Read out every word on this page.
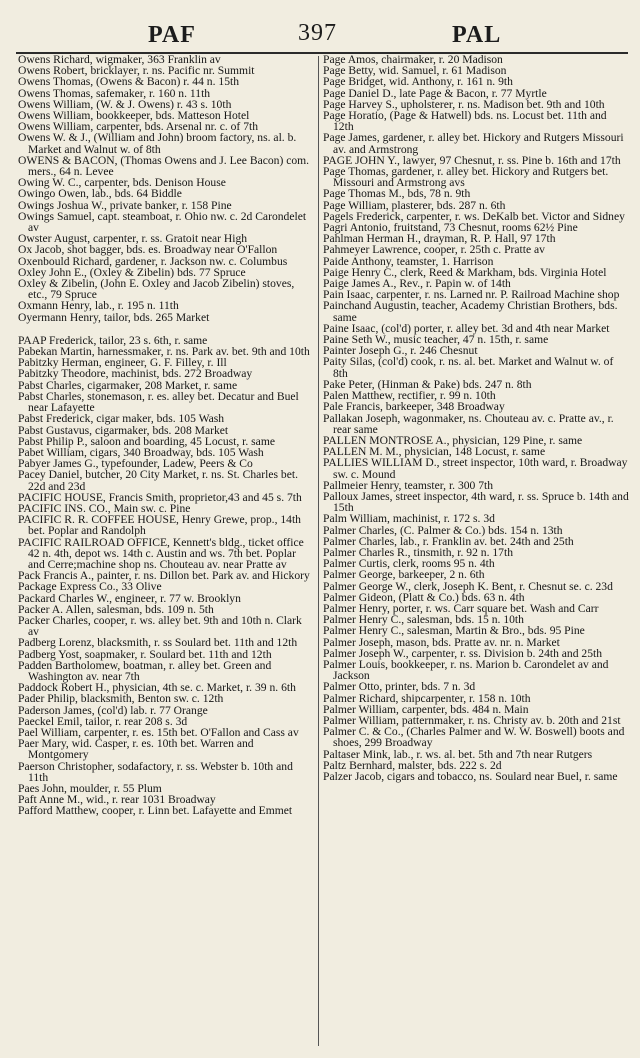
PAF	397	PAL

Owens Richard, wigmaker, 363 Franklin av

Owens Robert, bricklayer, r. ns. Pacific nr. Summit

Owens Thomas, (Owens & Bacon) r. 44 n. 15th

Owens Thomas, safemaker, r. 160 n. 11th

Owens William, (W. & J. Owens) r. 43 s. 10th

Owens William, bookkeeper, bds. Matteson Hotel

Owens William, carpenter, bds. Arsenal nr. c. of 7th

Owens W. & J., (William and John) broom factory, ns. al. b. Market and Walnut w. of 8th

OWENS & BACON, (Thomas Owens and J. Lee Bacon) com. mers., 64 n. Levee

Owing W. C., carpenter, bds. Denison House

Owingo Owen, lab., bds. 64 Biddle

Owings Joshua W., private banker, r. 158 Pine

Owings Samuel, capt. steamboat, r. Ohio nw. c. 2d Carondelet av

Owster August, carpenter, r. ss. Gratoit near High

Ox Jacob, shot bagger, bds. es. Broadway near O'Fallon

Oxenbould Richard, gardener, r. Jackson nw. c. Columbus

Oxley John E., (Oxley & Zibelin) bds. 77 Spruce

Oxley & Zibelin, (John E. Oxley and Jacob Zibelin) stoves, etc., 79 Spruce

Oxmann Henry, lab., r. 195 n. 11th

Oyermann Henry, tailor, bds. 265 Market

PAAP Frederick, tailor, 23 s. 6th, r. same

Pabekan Martin, harnessmaker, r. ns. Park av. bet. 9th and 10th

Pabitzky Herman, engineer, G. F. Filley, r. Ill

Pabitzky Theodore, machinist, bds. 272 Broadway

Pabst Charles, cigarmaker, 208 Market, r. same

Pabst Charles, stonemason, r. es. alley bet. Decatur and Buel near Lafayette

Pabst Frederick, cigar maker, bds. 105 Wash

Pabst Gustavus, cigarmaker, bds. 208 Market

Pabst Philip P., saloon and boarding, 45 Locust, r. same

Pabet William, cigars, 340 Broadway, bds. 105 Wash

Pabyer James G., typefounder, Ladew, Peers & Co

Pacey Daniel, butcher, 20 City Market, r. ns. St. Charles bet. 22d and 23d

PACIFIC HOUSE, Francis Smith, proprietor,43 and 45 s. 7th

PACIFIC INS. CO., Main sw. c. Pine

PACIFIC R. R. COFFEE HOUSE, Henry Grewe, prop., 14th bet. Poplar and Randolph

PACIFIC RAILROAD OFFICE, Kennett's bldg., ticket office 42 n. 4th, depot ws. 14th c. Austin and ws. 7th bet. Poplar and Cerre;machine shop ns. Chouteau av. near Pratte av

Pack Francis A., painter, r. ns. Dillon bet. Park av. and Hickory

Package Express Co., 33 Olive

Packard Charles W., engineer, r. 77 w. Brooklyn

Packer A. Allen, salesman, bds. 109 n. 5th

Packer Charles, cooper, r. ws. alley bet. 9th and 10th n. Clark av

Padberg Lorenz, blacksmith, r. ss Soulard bet. 11th and 12th

Padberg Yost, soapmaker, r. Soulard bet. 11th and 12th

Padden Bartholomew, boatman, r. alley bet. Green and Washington av. near 7th

Paddock Robert H., physician, 4th se. c. Market, r. 39 n. 6th

Pader Philip, blacksmith, Benton sw. c. 12th

Paderson James, (col'd) lab. r. 77 Orange

Paeckel Emil, tailor, r. rear 208 s. 3d

Pael William, carpenter, r. es. 15th bet. O'Fallon and Cass av

Paer Mary, wid. Casper, r. es. 10th bet. Warren and Montgomery

Paerson Christopher, sodafactory, r. ss. Webster b. 10th and 11th

Paes John, moulder, r. 55 Plum

Paft Anne M., wid., r. rear 1031 Broadway

Pafford Matthew, cooper, r. Linn bet. Lafayette and Emmet

Page Amos, chairmaker, r. 20 Madison

Page Betty, wid. Samuel, r. 61 Madison

Page Bridget, wid. Anthony, r. 161 n. 9th

Page Daniel D., late Page & Bacon, r. 77 Myrtle

Page Harvey S., upholsterer, r. ns. Madison bet. 9th and 10th

Page Horatio, (Page & Hatwell) bds. ns. Locust bet. 11th and 12th

Page James, gardener, r. alley bet. Hickory and Rutgers Missouri av. and Armstrong

PAGE JOHN Y., lawyer, 97 Chesnut, r. ss. Pine b. 16th and 17th

Page Thomas, gardener, r. alley bet. Hickory and Rutgers bet. Missouri and Armstrong avs

Page Thomas M., bds, 78 n. 9th

Page William, plasterer, bds. 287 n. 6th

Pagels Frederick, carpenter, r. ws. DeKalb bet. Victor and Sidney

Pagri Antonio, fruitstand, 73 Chesnut, rooms 62½ Pine

Pahlman Herman H., drayman, R. P. Hall, 97 17th

Pahmeyer Lawrence, cooper, r. 25th c. Pratte av

Paide Anthony, teamster, 1. Harrison

Paige Henry C., clerk, Reed & Markham, bds. Virginia Hotel

Paige James A., Rev., r. Papin w. of 14th

Pain Isaac, carpenter, r. ns. Larned nr. P. Railroad Machine shop

Painchand Augustin, teacher, Academy Christian Brothers, bds. same

Paine Isaac, (col'd) porter, r. alley bet. 3d and 4th near Market

Paine Seth W., music teacher, 47 n. 15th, r. same

Painter Joseph G., r. 246 Chesnut

Paity Silas, (col'd) cook, r. ns. al. bet. Market and Walnut w. of 8th

Pake Peter, (Hinman & Pake) bds. 247 n. 8th

Palen Matthew, rectifier, r. 99 n. 10th

Pale Francis, barkeeper, 348 Broadway

Pallakan Joseph, wagonmaker, ns. Chouteau av. c. Pratte av., r. rear same

PALLEN MONTROSE A., physician, 129 Pine, r. same

PALLEN M. M., physician, 148 Locust, r. same

PALLIES WILLIAM D., street inspector, 10th ward, r. Broadway sw. c. Mound

Pallmeier Henry, teamster, r. 300 7th

Palloux James, street inspector, 4th ward, r. ss. Spruce b. 14th and 15th

Palm William, machinist, r. 172 s. 3d

Palmer Charles, (C. Palmer & Co.) bds. 154 n. 13th

Palmer Charles, lab., r. Franklin av. bet. 24th and 25th

Palmer Charles R., tinsmith, r. 92 n. 17th

Palmer Curtis, clerk, rooms 95 n. 4th

Palmer George, barkeeper, 2 n. 6th

Palmer George W., clerk, Joseph K. Bent, r. Chesnut se. c. 23d

Palmer Gideon, (Platt & Co.) bds. 63 n. 4th

Palmer Henry, porter, r. ws. Carr square bet. Wash and Carr

Palmer Henry C., salesman, bds. 15 n. 10th

Palmer Henry C., salesman, Martin & Bro., bds. 95 Pine

Palmer Joseph, mason, bds. Pratte av. nr. n. Market

Palmer Joseph W., carpenter, r. ss. Division b. 24th and 25th

Palmer Louis, bookkeeper, r. ns. Marion b. Carondelet av and Jackson

Palmer Otto, printer, bds. 7 n. 3d

Palmer Richard, shipcarpenter, r. 158 n. 10th

Palmer William, carpenter, bds. 484 n. Main

Palmer William, patternmaker, r. ns. Christy av. b. 20th and 21st

Palmer C. & Co., (Charles Palmer and W. W. Boswell) boots and shoes, 299 Broadway

Paltaser Mink, lab., r. ws. al. bet. 5th and 7th near Rutgers

Paltz Bernhard, malster, bds. 222 s. 2d

Palzer Jacob, cigars and tobacco, ns. Soulard near Buel, r. same
